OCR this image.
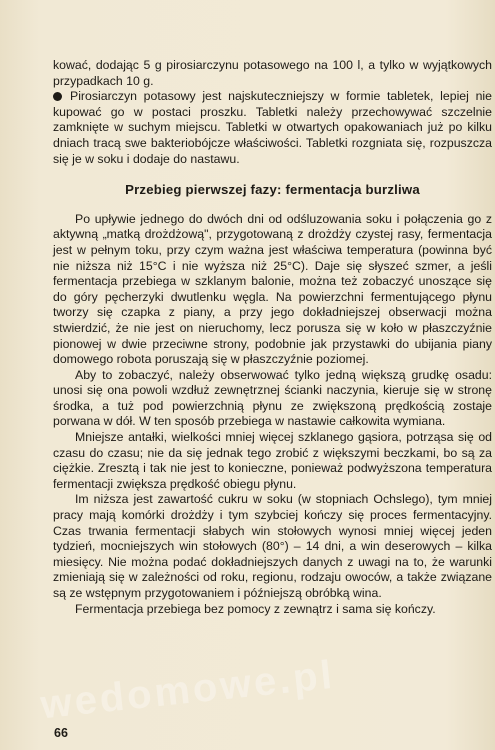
kować, dodając 5 g pirosiarczynu potasowego na 100 l, a tylko w wyjątkowych przypadkach 10 g.

Pirosiarczyn potasowy jest najskuteczniejszy w formie tabletek, lepiej nie kupować go w postaci proszku. Tabletki należy przechowywać szczelnie zamknięte w suchym miejscu. Tabletki w otwartych opakowaniach już po kilku dniach tracą swe bakteriobójcze właściwości. Tabletki rozgniata się, rozpuszcza się je w soku i dodaje do nastawu.

Przebieg pierwszej fazy: fermentacja burzliwa

Po upływie jednego do dwóch dni od odśluzowania soku i połączenia go z aktywną „matką drożdżową", przygotowaną z drożdży czystej rasy, fermentacja jest w pełnym toku, przy czym ważna jest właściwa temperatura (powinna być nie niższa niż 15°C i nie wyższa niż 25°C). Daje się słyszeć szmer, a jeśli fermentacja przebiega w szklanym balonie, można też zobaczyć unoszące się do góry pęcherzyki dwutlenku węgla. Na powierzchni fermentującego płynu tworzy się czapka z piany, a przy jego dokładniejszej obserwacji można stwierdzić, że nie jest on nieruchomy, lecz porusza się w koło w płaszczyźnie pionowej w dwie przeciwne strony, podobnie jak przystawki do ubijania piany domowego robota poruszają się w płaszczyźnie poziomej.

Aby to zobaczyć, należy obserwować tylko jedną większą grudkę osadu: unosi się ona powoli wzdłuż zewnętrznej ścianki naczynia, kieruje się w stronę środka, a tuż pod powierzchnią płynu ze zwiększoną prędkością zostaje porwana w dół. W ten sposób przebiega w nastawie całkowita wymiana.

Mniejsze antałki, wielkości mniej więcej szklanego gąsiora, potrząsa się od czasu do czasu; nie da się jednak tego zrobić z większymi beczkami, bo są za ciężkie. Zresztą i tak nie jest to konieczne, ponieważ podwyższona temperatura fermentacji zwiększa prędkość obiegu płynu.

Im niższa jest zawartość cukru w soku (w stopniach Ochslego), tym mniej pracy mają komórki drożdży i tym szybciej kończy się proces fermentacyjny. Czas trwania fermentacji słabych win stołowych wynosi mniej więcej jeden tydzień, mocniejszych win stołowych (80°) – 14 dni, a win deserowych – kilka miesięcy. Nie można podać dokładniejszych danych z uwagi na to, że warunki zmieniają się w zależności od roku, regionu, rodzaju owoców, a także związane są ze wstępnym przygotowaniem i późniejszą obróbką wina.

Fermentacja przebiega bez pomocy z zewnątrz i sama się kończy.

wedomowe.pl
66
